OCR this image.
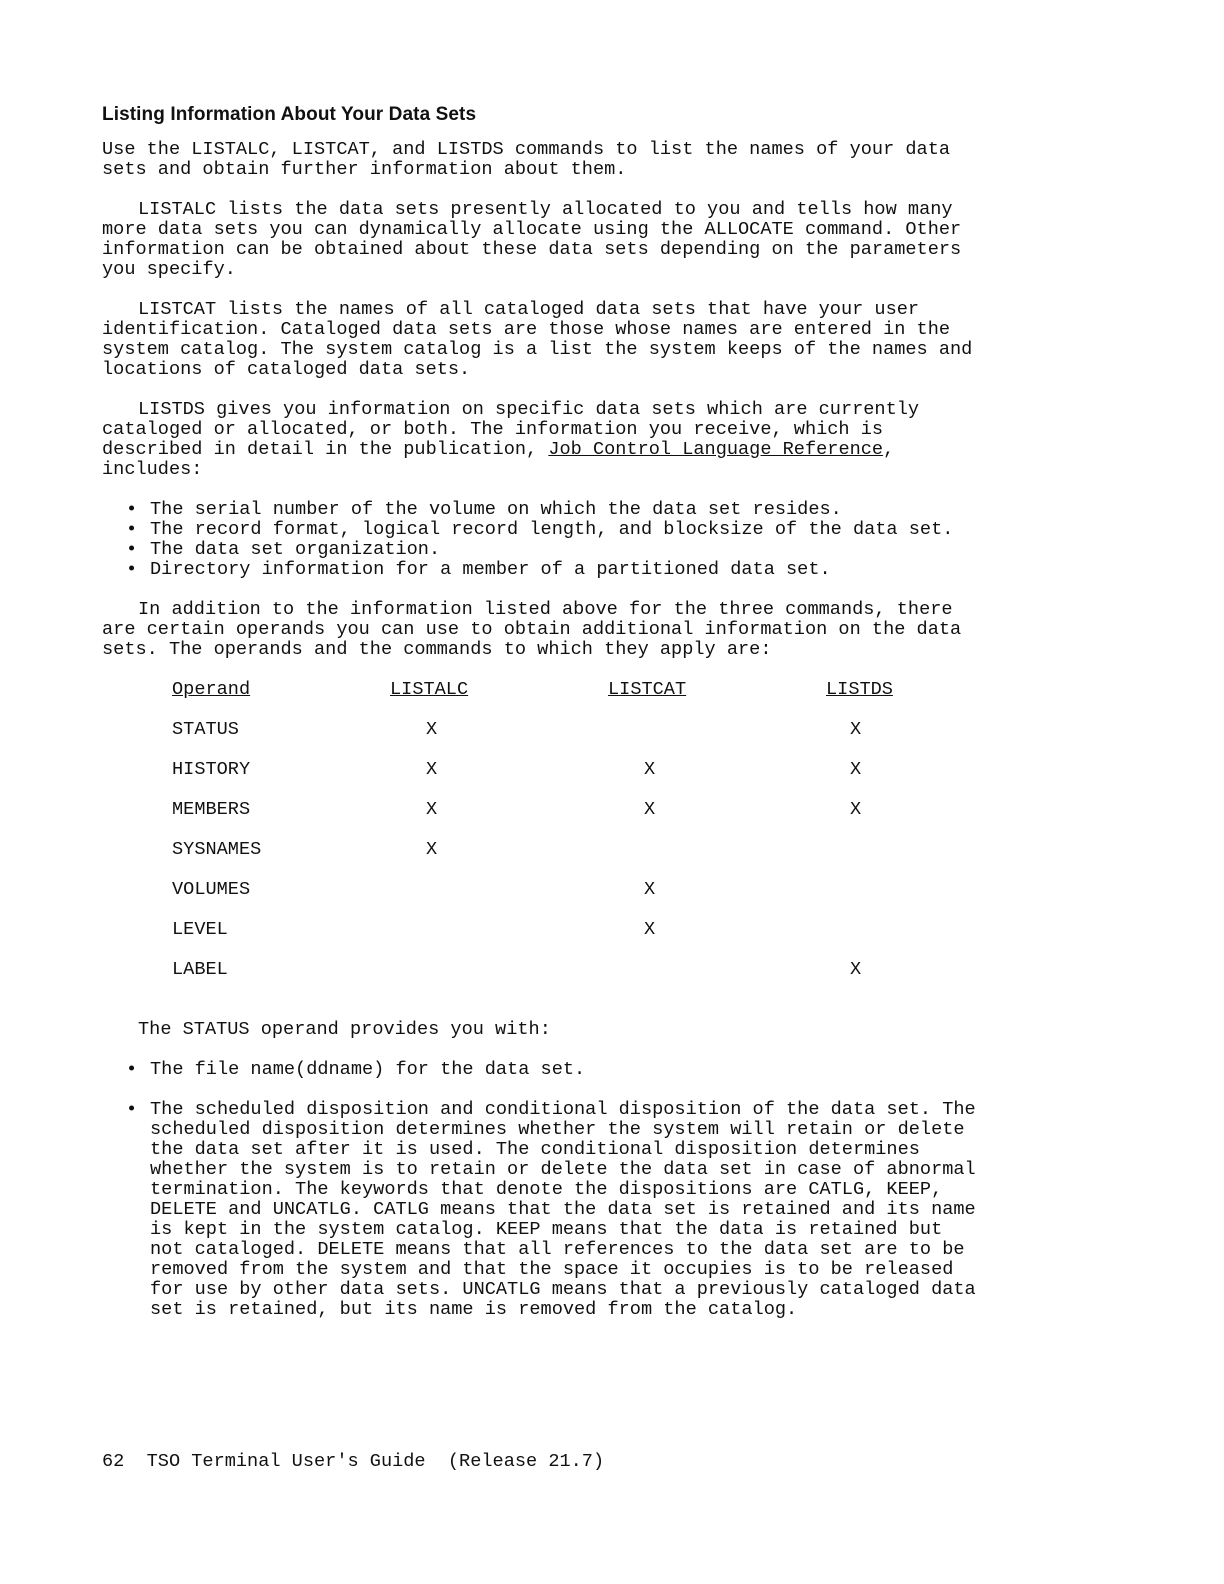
Listing Information About Your Data Sets

Use the LISTALC, LISTCAT, and LISTDS commands to list the names of your data sets and obtain further information about them.

LISTALC lists the data sets presently allocated to you and tells how many more data sets you can dynamically allocate using the ALLOCATE command. Other information can be obtained about these data sets depending on the parameters you specify.

LISTCAT lists the names of all cataloged data sets that have your user identification. Cataloged data sets are those whose names are entered in the system catalog. The system catalog is a list the system keeps of the names and locations of cataloged data sets.

LISTDS gives you information on specific data sets which are currently cataloged or allocated, or both. The information you receive, which is described in detail in the publication, Job Control Language Reference, includes:

• The serial number of the volume on which the data set resides.
• The record format, logical record length, and blocksize of the data set.
• The data set organization.
• Directory information for a member of a partitioned data set.

In addition to the information listed above for the three commands, there are certain operands you can use to obtain additional information on the data sets. The operands and the commands to which they apply are:

Operand	LISTALC	LISTCAT	LISTDS
STATUS	X		X
HISTORY	X	X	X
MEMBERS	X	X	X
SYSNAMES	X		
VOLUMES		X	
LEVEL		X	
LABEL			X

The STATUS operand provides you with:

• The file name(ddname) for the data set.
• The scheduled disposition and conditional disposition of the data set. The scheduled disposition determines whether the system will retain or delete the data set after it is used. The conditional disposition determines whether the system is to retain or delete the data set in case of abnormal termination. The keywords that denote the dispositions are CATLG, KEEP, DELETE and UNCATLG. CATLG means that the data set is retained and its name is kept in the system catalog. KEEP means that the data is retained but not cataloged. DELETE means that all references to the data set are to be removed from the system and that the space it occupies is to be released for use by other data sets. UNCATLG means that a previously cataloged data set is retained, but its name is removed from the catalog.
62  TSO Terminal User's Guide  (Release 21.7)
